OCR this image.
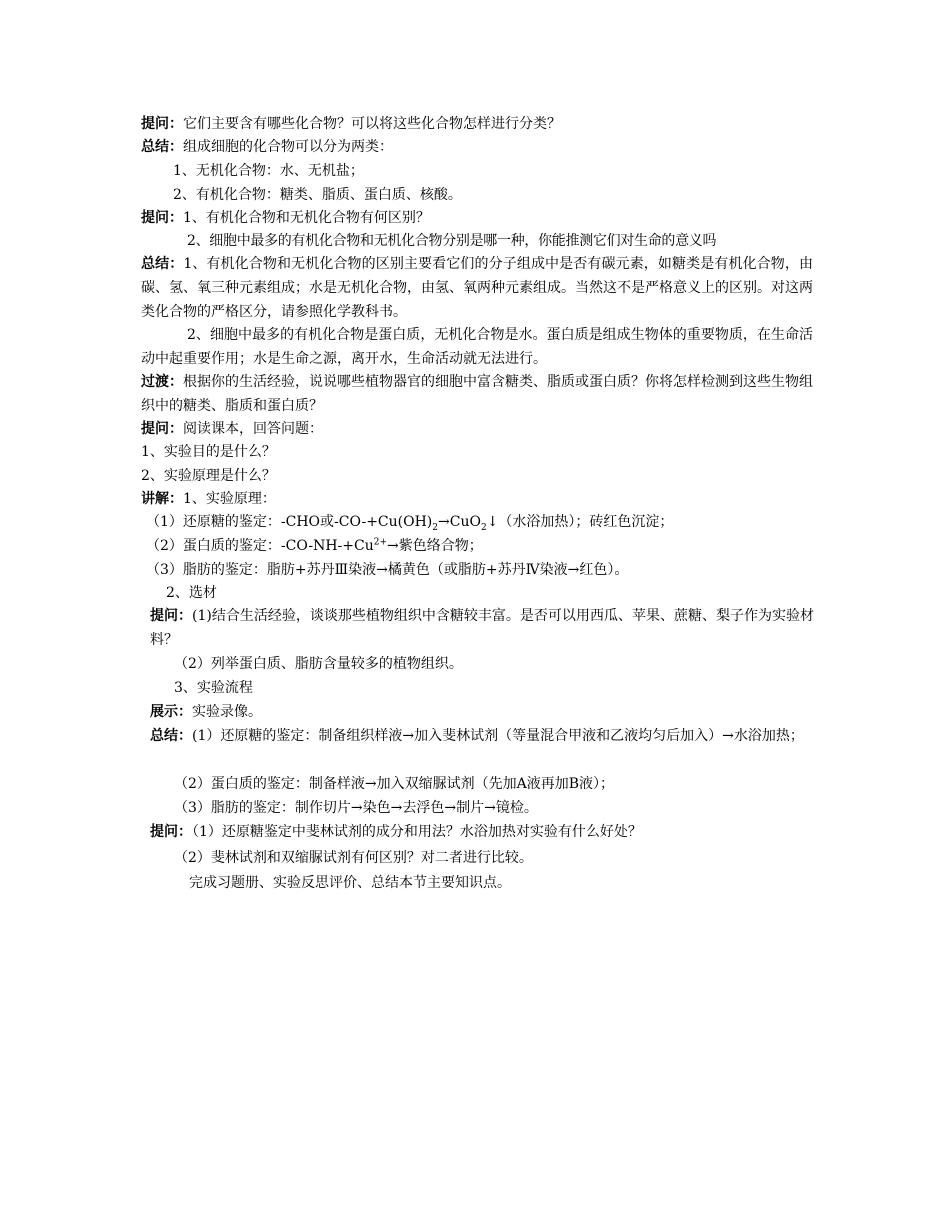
提问：它们主要含有哪些化合物？可以将这些化合物怎样进行分类？
总结：组成细胞的化合物可以分为两类：
1、无机化合物：水、无机盐；
2、有机化合物：糖类、脂质、蛋白质、核酸。
提问：1、有机化合物和无机化合物有何区别？
2、细胞中最多的有机化合物和无机化合物分别是哪一种，你能推测它们对生命的意义吗
总结：1、有机化合物和无机化合物的区别主要看它们的分子组成中是否有碳元素，如糖类是有机化合物，由碳、氢、氧三种元素组成；水是无机化合物，由氢、氧两种元素组成。当然这不是严格意义上的区别。对这两类化合物的严格区分，请参照化学教科书。
2、细胞中最多的有机化合物是蛋白质，无机化合物是水。蛋白质是组成生物体的重要物质，在生命活动中起重要作用；水是生命之源，离开水，生命活动就无法进行。
过渡：根据你的生活经验，说说哪些植物器官的细胞中富含糖类、脂质或蛋白质？你将怎样检测到这些生物组织中的糖类、脂质和蛋白质？
提问：阅读课本，回答问题：
1、实验目的是什么？
2、实验原理是什么？
讲解：1、实验原理：
（1）还原糖的鉴定：-CHO或$-CO-+Cu(OH)_2\to CuO_2↓$（水浴加热）；砖红色沉淀；
（2）蛋白质的鉴定：$-CO-NH-+Cu^{2+}\to$紫色络合物；
（3）脂肪的鉴定：脂肪+苏丹Ⅲ染液→橘黄色（或脂肪+苏丹Ⅳ染液→红色）。
2、选材
提问：(1)结合生活经验，谈谈那些植物组织中含糖较丰富。是否可以用西瓜、苹果、蔗糖、梨子作为实验材料？
（2）列举蛋白质、脂肪含量较多的植物组织。
3、实验流程
展示：实验录像。
总结：(1）还原糖的鉴定：制备组织样液→加入斐林试剂（等量混合甲液和乙液均匀后加入）→水浴加热；
（2）蛋白质的鉴定：制备样液→加入双缩脲试剂（先加A液再加B液）；
（3）脂肪的鉴定：制作切片→染色→去浮色→制片→镜检。
提问：（1）还原糖鉴定中斐林试剂的成分和用法？水浴加热对实验有什么好处？
（2）斐林试剂和双缩脲试剂有何区别？对二者进行比较。
完成习题册、实验反思评价、总结本节主要知识点。
